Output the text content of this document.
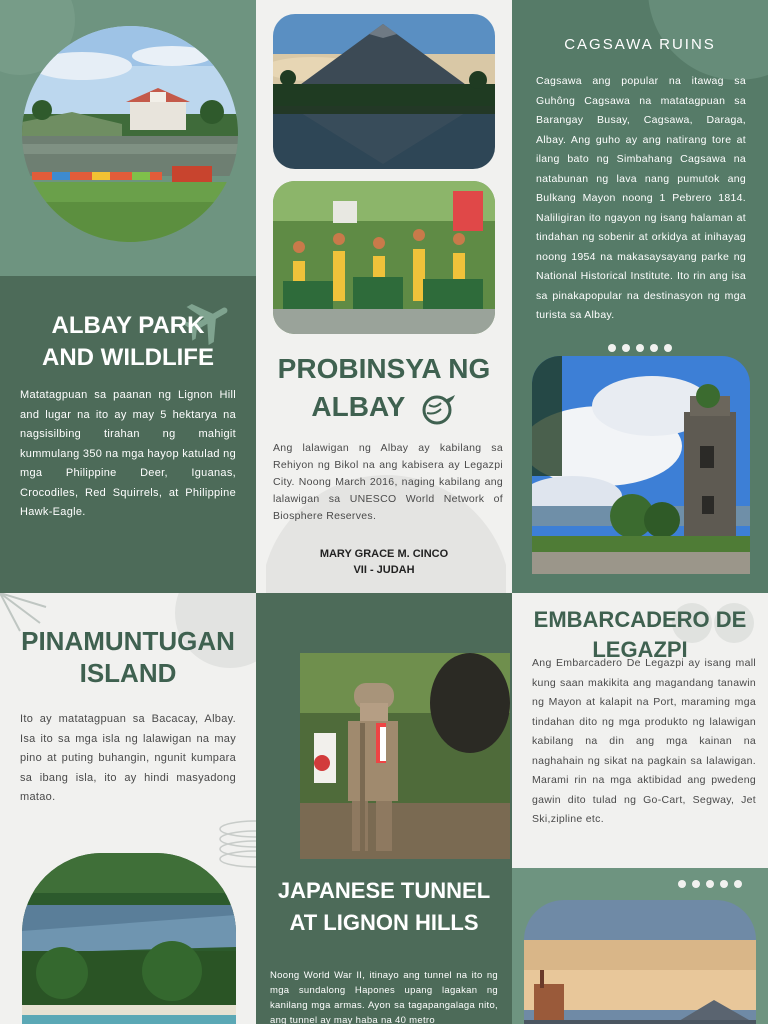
ALBAY PARK
AND WILDLIFE

Matatagpuan sa paanan ng Lignon Hill and lugar na ito ay may 5 hektarya na nagsisilbing tirahan ng mahigit kummulang 350 na mga hayop katulad ng mga Philippine Deer, Iguanas, Crocodiles, Red Squirrels, at Philippine Hawk-Eagle.

PROBINSYA NG
ALBAY

Ang lalawigan ng Albay ay kabilang sa Rehiyon ng Bikol na ang kabisera ay Legazpi City. Noong March 2016, naging kabilang ang lalawigan sa UNESCO World Network of Biosphere Reserves.

MARY GRACE M. CINCO
VII - JUDAH
CAGSAWA RUINS

Cagsawa ang popular na itawag sa Guhông Cagsawa na matatagpuan sa Barangay Busay, Cagsawa, Daraga, Albay. Ang guho ay ang natirang tore at ilang bato ng Simbahang Cagsawa na natabunan ng lava nang pumutok ang Bulkang Mayon noong 1 Pebrero 1814. Naliligiran ito ngayon ng isang halaman at tindahan ng sobenir at orkidya at inihayag noong 1954 na makasaysayang parke ng National Historical Institute. Ito rin ang isa sa pinakapopular na destinasyon ng mga turista sa Albay.

PINAMUNTUGAN
ISLAND

Ito ay matatagpuan sa Bacacay, Albay. Isa ito sa mga isla ng lalawigan na may pino at puting buhangin, ngunit kumpara sa ibang isla, ito ay hindi masyadong matao.

JAPANESE TUNNEL
AT LIGNON HILLS

Noong World War II, itinayo ang tunnel na ito ng mga sundalong Hapones upang lagakan ng kanilang mga armas. Ayon sa tagapangalaga nito, ang tunnel ay may haba na 40 metro

EMBARCADERO DE
LEGAZPI

Ang Embarcadero De Legazpi ay isang mall kung saan makikita ang magandang tanawin ng Mayon at kalapit na Port, maraming mga tindahan dito ng mga produkto ng lalawigan kabilang na din ang mga kainan na naghahain ng sikat na pagkain sa lalawigan. Marami rin na mga aktibidad ang pwedeng gawin dito tulad ng Go-Cart, Segway, Jet Ski,zipline etc.
